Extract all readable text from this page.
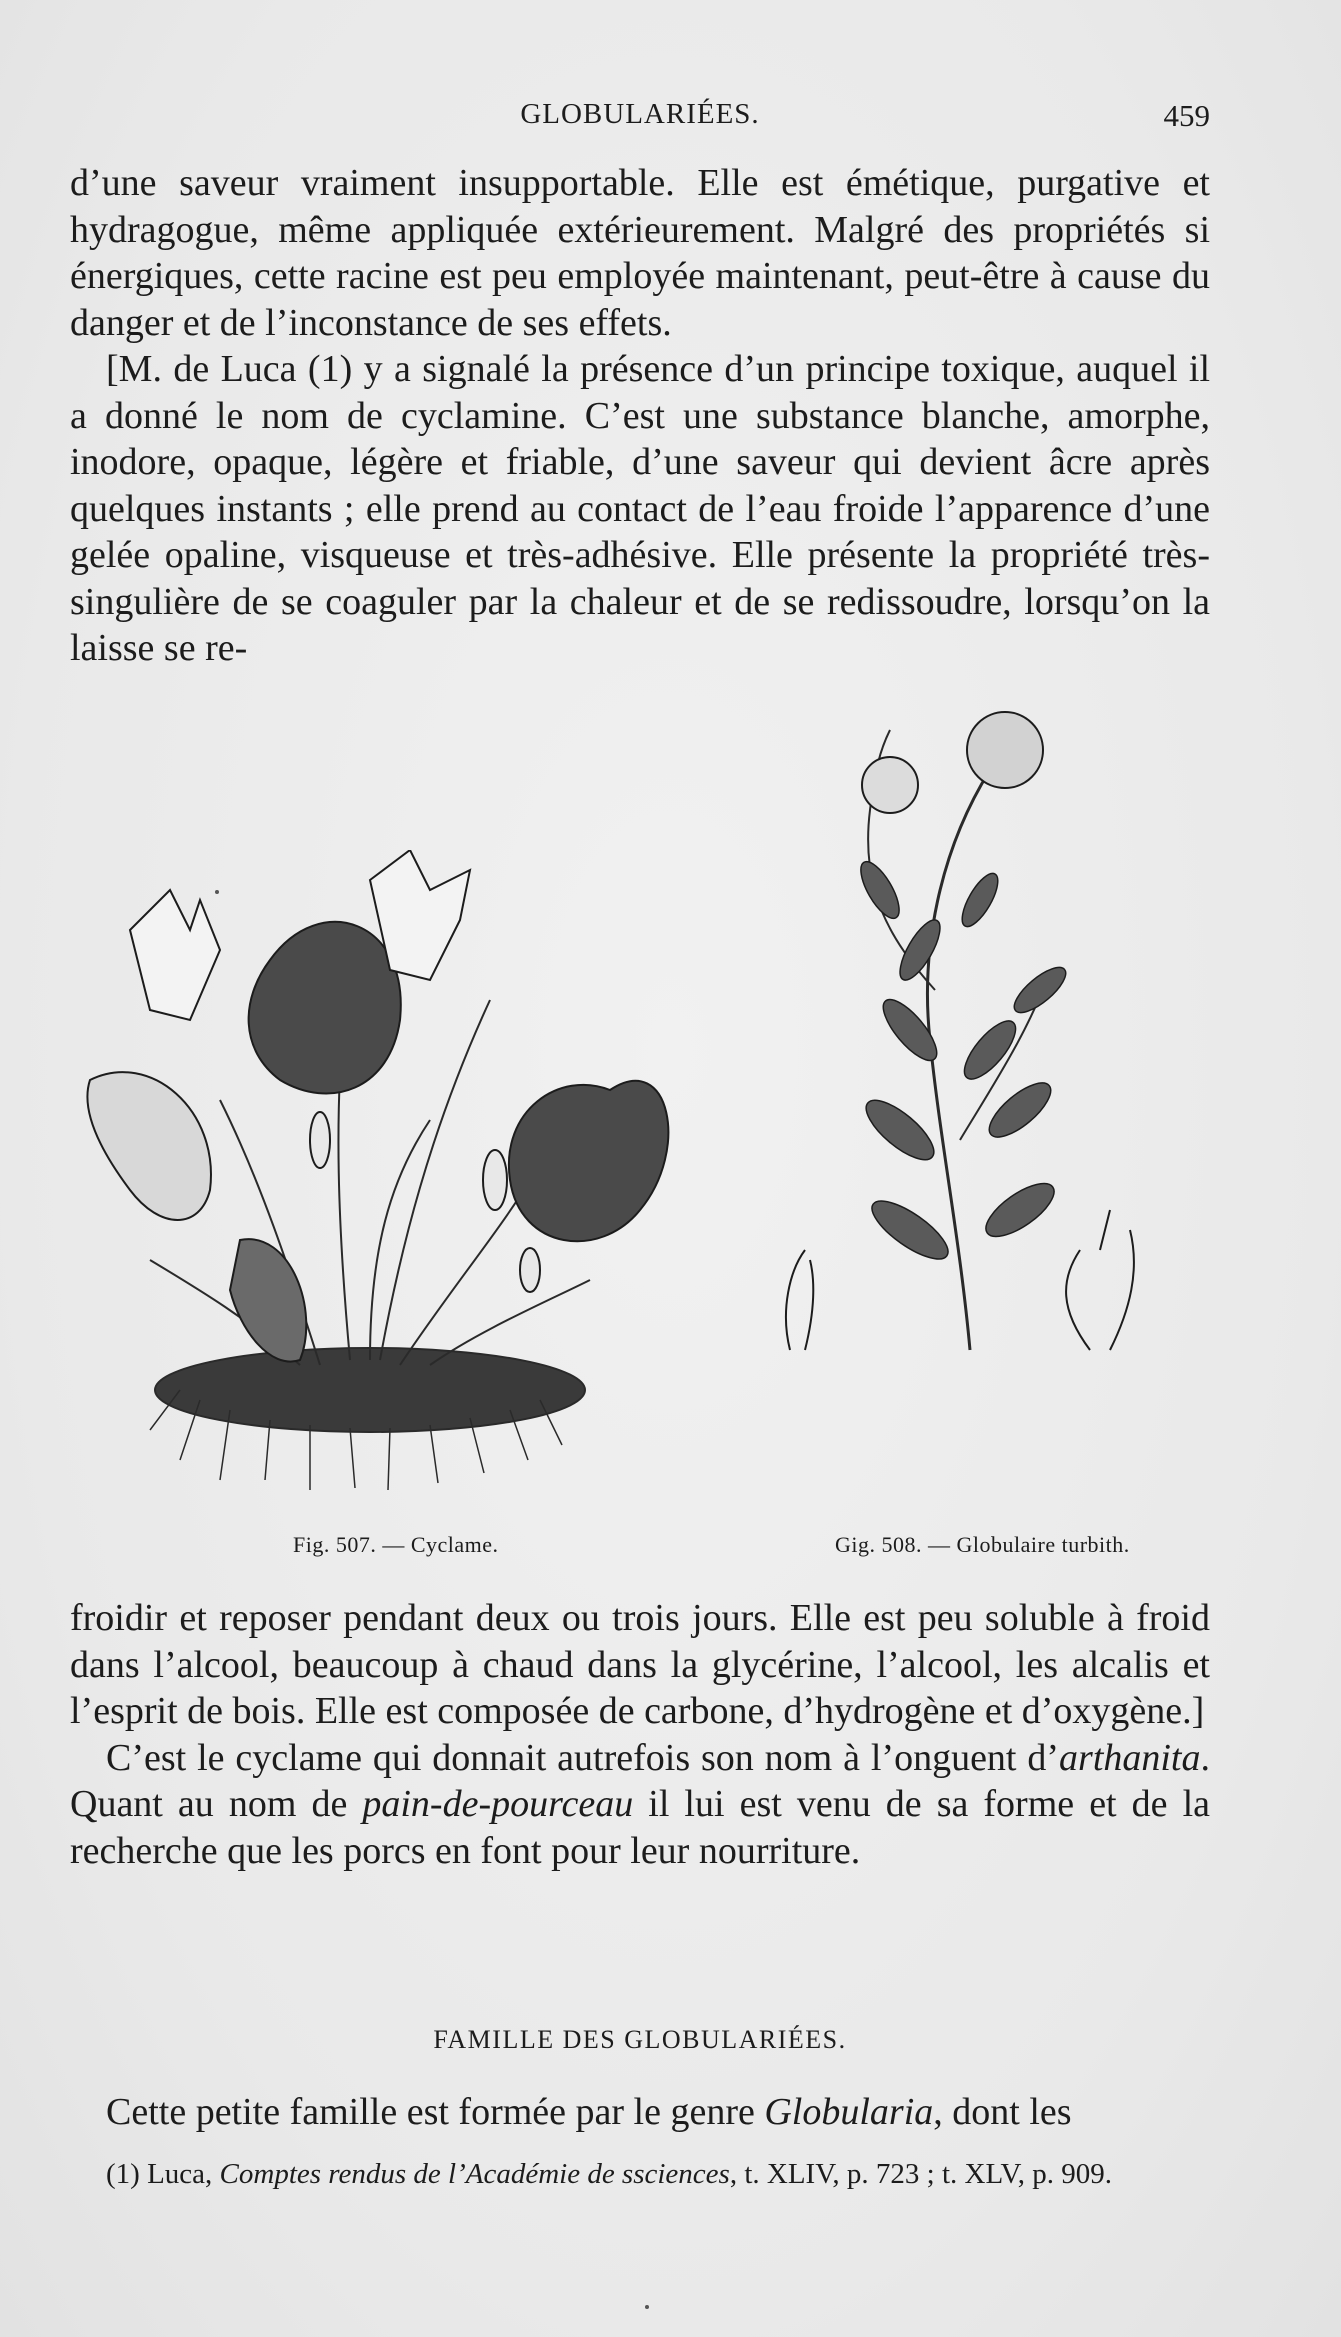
GLOBULARIÉES.	459

d’une saveur vraiment insupportable. Elle est émétique, purgative et hydragogue, même appliquée extérieurement. Malgré des propriétés si énergiques, cette racine est peu employée maintenant, peut-être à cause du danger et de l’inconstance de ses effets.

[M. de Luca (1) y a signalé la présence d’un principe toxique, auquel il a donné le nom de cyclamine. C’est une substance blanche, amorphe, inodore, opaque, légère et friable, d’une saveur qui devient âcre après quelques instants ; elle prend au contact de l’eau froide l’apparence d’une gelée opaline, visqueuse et très-adhésive. Elle présente la propriété très-singulière de se coaguler par la chaleur et de se redissoudre, lorsqu’on la laisse se re-

Fig. 507. — Cyclame.	Gig. 508. — Globulaire turbith.

froidir et reposer pendant deux ou trois jours. Elle est peu soluble à froid dans l’alcool, beaucoup à chaud dans la glycérine, l’alcool, les alcalis et l’esprit de bois. Elle est composée de carbone, d’hydrogène et d’oxygène.]

C’est le cyclame qui donnait autrefois son nom à l’onguent d’arthanita. Quant au nom de pain-de-pourceau il lui est venu de sa forme et de la recherche que les porcs en font pour leur nourriture.

FAMILLE DES GLOBULARIÉES.

Cette petite famille est formée par le genre Globularia, dont les

(1) Luca, Comptes rendus de l’Académie de ssciences, t. XLIV, p. 723 ; t. XLV, p. 909.
